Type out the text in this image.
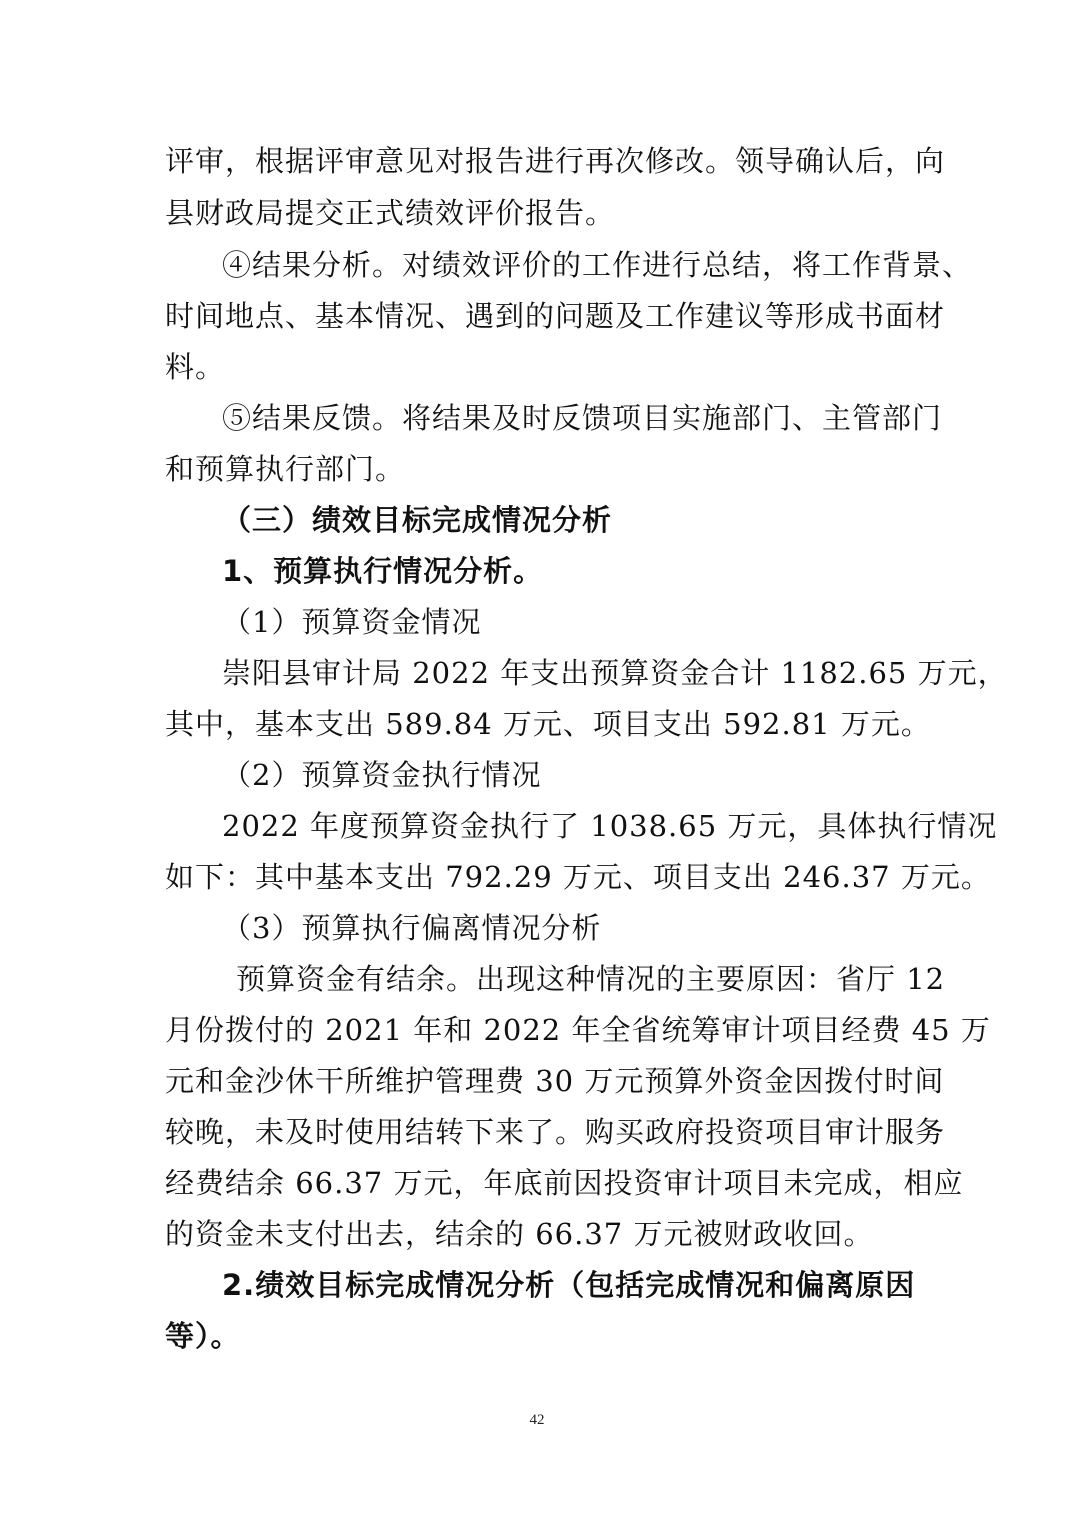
评审，根据评审意见对报告进行再次修改。领导确认后，向
县财政局提交正式绩效评价报告。
④结果分析。对绩效评价的工作进行总结，将工作背景、
时间地点、基本情况、遇到的问题及工作建议等形成书面材
料。
⑤结果反馈。将结果及时反馈项目实施部门、主管部门
和预算执行部门。
（三）绩效目标完成情况分析
1、预算执行情况分析。
（1）预算资金情况
崇阳县审计局 2022 年支出预算资金合计 1182.65 万元，
其中，基本支出 589.84 万元、项目支出 592.81 万元。
（2）预算资金执行情况
2022 年度预算资金执行了 1038.65 万元，具体执行情况
如下：其中基本支出 792.29 万元、项目支出 246.37 万元。
（3）预算执行偏离情况分析
预算资金有结余。出现这种情况的主要原因：省厅 12
月份拨付的 2021 年和 2022 年全省统筹审计项目经费 45 万
元和金沙休干所维护管理费 30 万元预算外资金因拨付时间
较晚，未及时使用结转下来了。购买政府投资项目审计服务
经费结余 66.37 万元，年底前因投资审计项目未完成，相应
的资金未支付出去，结余的 66.37 万元被财政收回。
2.绩效目标完成情况分析（包括完成情况和偏离原因
等）。
42
